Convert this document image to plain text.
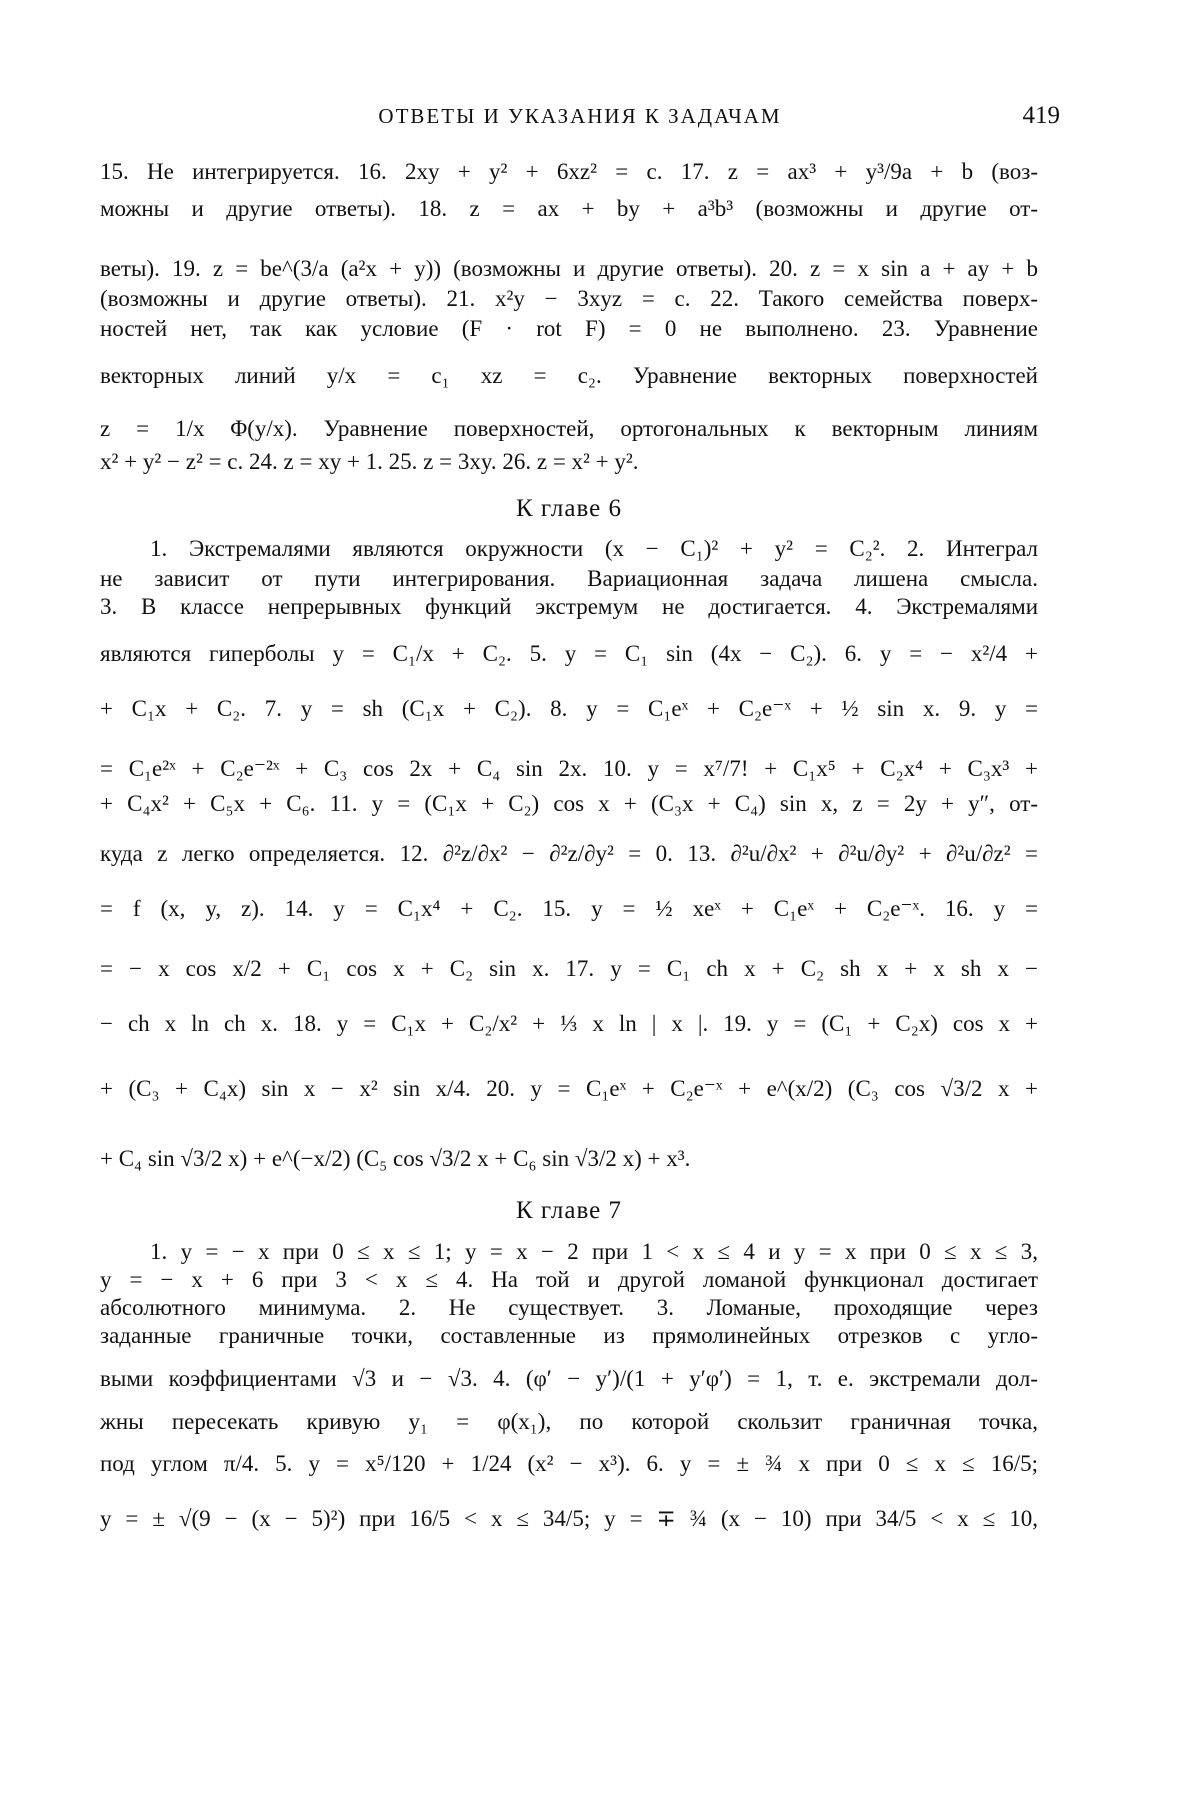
ОТВЕТЫ И УКАЗАНИЯ К ЗАДАЧАМ	419
15. Не интегрируется. 16. 2xy + y² + 6xz² = c. 17. z = ax³ + y³/9a + b (воз-
можны и другие ответы). 18. z = ax + by + a³b³ (возможны и другие от-
веты). 19. z = be^(3/a (a²x + y)) (возможны и другие ответы). 20. z = x sin a + ay + b
(возможны и другие ответы). 21. x²y − 3xyz = c. 22. Такого семейства поверх-
ностей нет, так как условие (F · rot F) = 0 не выполнено. 23. Уравнение
векторных линий y/x = c₁ xz = c₂. Уравнение векторных поверхностей
z = 1/x Φ(y/x). Уравнение поверхностей, ортогональных к векторным линиям
x² + y² − z² = c. 24. z = xy + 1. 25. z = 3xy. 26. z = x² + y².
К главе 6
1. Экстремалями являются окружности (x − C₁)² + y² = C₂². 2. Интеграл
не зависит от пути интегрирования. Вариационная задача лишена смысла.
3. В классе непрерывных функций экстремум не достигается. 4. Экстремалями
являются гиперболы y = C₁/x + C₂. 5. y = C₁ sin (4x − C₂). 6. y = − x²/4 +
+ C₁x + C₂. 7. y = sh (C₁x + C₂). 8. y = C₁eˣ + C₂e⁻ˣ + ½ sin x. 9. y =
= C₁e²ˣ + C₂e⁻²ˣ + C₃ cos 2x + C₄ sin 2x. 10. y = x⁷/7! + C₁x⁵ + C₂x⁴ + C₃x³ +
+ C₄x² + C₅x + C₆. 11. y = (C₁x + C₂) cos x + (C₃x + C₄) sin x, z = 2y + y″, от-
куда z легко определяется. 12. ∂²z/∂x² − ∂²z/∂y² = 0. 13. ∂²u/∂x² + ∂²u/∂y² + ∂²u/∂z² =
= f (x, y, z). 14. y = C₁x⁴ + C₂. 15. y = ½ xeˣ + C₁eˣ + C₂e⁻ˣ. 16. y =
= − x cos x/2 + C₁ cos x + C₂ sin x. 17. y = C₁ ch x + C₂ sh x + x sh x −
− ch x ln ch x. 18. y = C₁x + C₂/x² + ⅓ x ln | x |. 19. y = (C₁ + C₂x) cos x +
+ (C₃ + C₄x) sin x − x² sin x/4. 20. y = C₁eˣ + C₂e⁻ˣ + e^(x/2) (C₃ cos √3/2 x +
+ C₄ sin √3/2 x) + e^(−x/2) (C₅ cos √3/2 x + C₆ sin √3/2 x) + x³.
К главе 7
1. y = − x при 0 ≤ x ≤ 1; y = x − 2 при 1 < x ≤ 4 и y = x при 0 ≤ x ≤ 3,
y = − x + 6 при 3 < x ≤ 4. На той и другой ломаной функционал достигает
абсолютного минимума. 2. Не существует. 3. Ломаные, проходящие через
заданные граничные точки, составленные из прямолинейных отрезков с угло-
выми коэффициентами √3 и − √3. 4. (φ′ − y′)/(1 + y′φ′) = 1, т. е. экстремали дол-
жны пересекать кривую y₁ = φ(x₁), по которой скользит граничная точка,
под углом π/4. 5. y = x⁵/120 + 1/24 (x² − x³). 6. y = ± ¾ x при 0 ≤ x ≤ 16/5;
y = ± √(9 − (x − 5)²) при 16/5 < x ≤ 34/5; y = ∓ ¾ (x − 10) при 34/5 < x ≤ 10,
